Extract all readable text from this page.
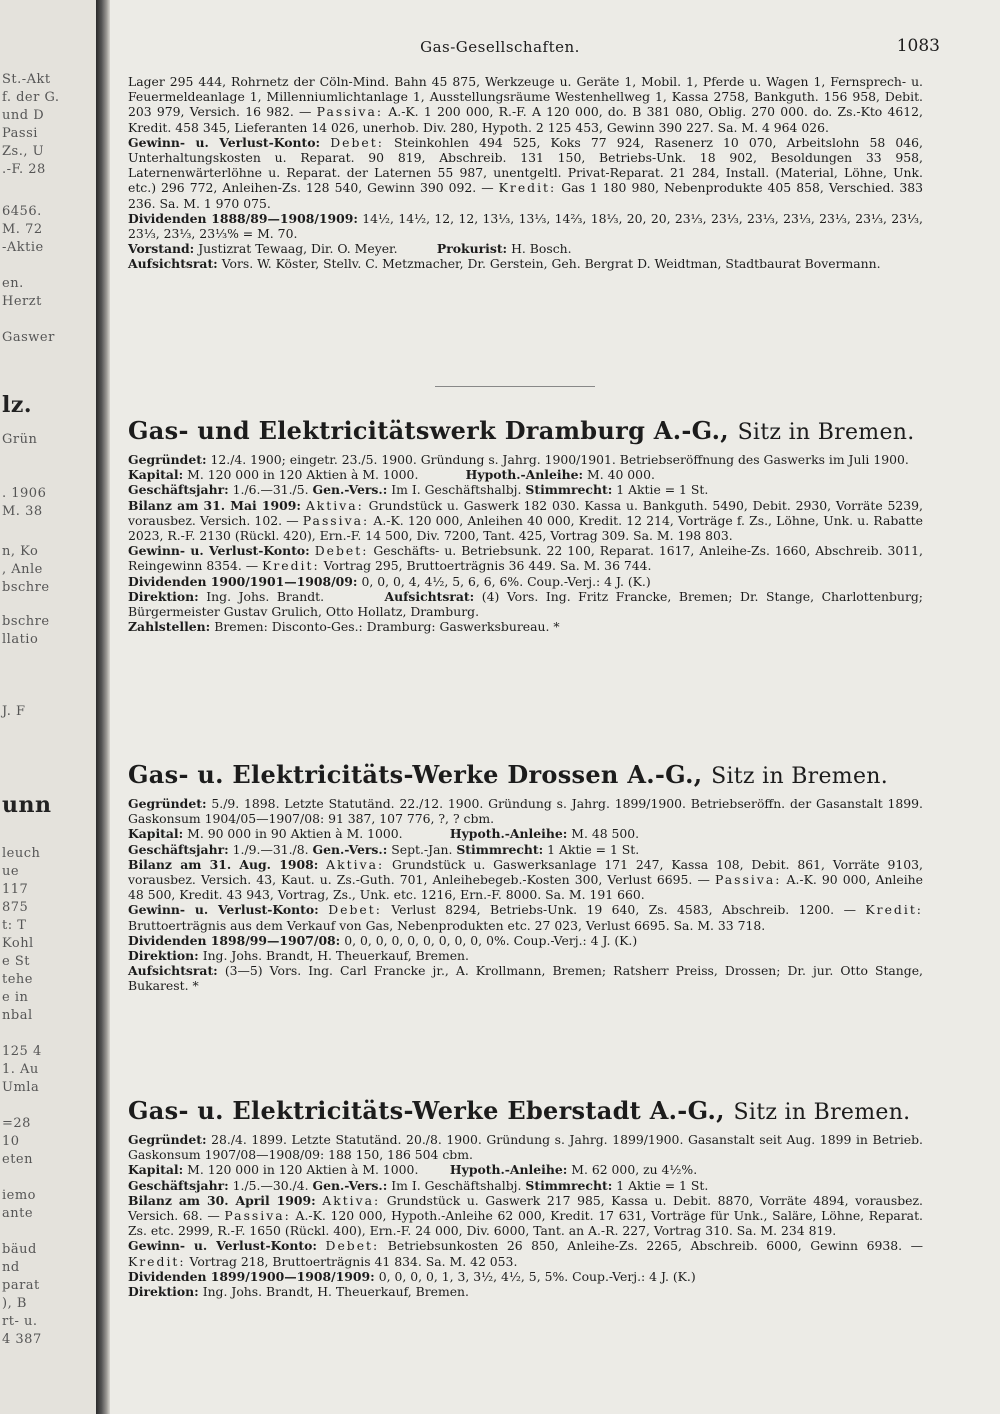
St.-Akt
f. der G.
und D
Passi
Zs., U
.-F. 28
6456.
M. 72
-Aktie
en.
Herzt
Gaswer
lz.
Grün
. 1906
M. 38
n, Ko
, Anle
bschre
bschre
llatio
J. F
unn
leuch
ue
117
875
t: T
Kohl
e St
tehe
e in
nbal
125 4
1. Au
Umla
=28
10
eten
iemo
ante
bäud
nd
parat
), B
rt- u.
4 387
Gas-Gesellschaften.	1083

Lager 295 444, Rohrnetz der Cöln-Mind. Bahn 45 875, Werkzeuge u. Geräte 1, Mobil. 1, Pferde u. Wagen 1, Fernsprech- u. Feuermeldeanlage 1, Millenniumlichtanlage 1, Ausstellungsräume Westenhellweg 1, Kassa 2758, Bankguth. 156 958, Debit. 203 979, Versich. 16 982. — Passiva: A.-K. 1 200 000, R.-F. A 120 000, do. B 381 080, Oblig. 270 000. do. Zs.-Kto 4612, Kredit. 458 345, Lieferanten 14 026, unerhob. Div. 280, Hypoth. 2 125 453, Gewinn 390 227. Sa. M. 4 964 026.

Gewinn- u. Verlust-Konto: Debet: Steinkohlen 494 525, Koks 77 924, Rasenerz 10 070, Arbeitslohn 58 046, Unterhaltungskosten u. Reparat. 90 819, Abschreib. 131 150, Betriebs-Unk. 18 902, Besoldungen 33 958, Laternenwärterlöhne u. Reparat. der Laternen 55 987, unentgeltl. Privat-Reparat. 21 284, Install. (Material, Löhne, Unk. etc.) 296 772, Anleihen-Zs. 128 540, Gewinn 390 092. — Kredit: Gas 1 180 980, Nebenprodukte 405 858, Verschied. 383 236. Sa. M. 1 970 075.

Dividenden 1888/89—1908/1909: 14½, 14½, 12, 12, 13⅓, 13⅓, 14⅔, 18⅓, 20, 20, 23⅓, 23⅓, 23⅓, 23⅓, 23⅓, 23⅓, 23⅓, 23⅓, 23⅓, 23⅓% = M. 70.

Vorstand: Justizrat Tewaag, Dir. O. Meyer.	Prokurist: H. Bosch.

Aufsichtsrat: Vors. W. Köster, Stellv. C. Metzmacher, Dr. Gerstein, Geh. Bergrat D. Weidtman, Stadtbaurat Bovermann.

Gas- und Elektricitätswerk Dramburg A.-G., Sitz in Bremen.

Gegründet: 12./4. 1900; eingetr. 23./5. 1900. Gründung s. Jahrg. 1900/1901. Betriebseröffnung des Gaswerks im Juli 1900.

Kapital: M. 120 000 in 120 Aktien à M. 1000.	Hypoth.-Anleihe: M. 40 000.

Geschäftsjahr: 1./6.—31./5. Gen.-Vers.: Im I. Geschäftshalbj. Stimmrecht: 1 Aktie = 1 St.

Bilanz am 31. Mai 1909: Aktiva: Grundstück u. Gaswerk 182 030. Kassa u. Bankguth. 5490, Debit. 2930, Vorräte 5239, vorausbez. Versich. 102. — Passiva: A.-K. 120 000, Anleihen 40 000, Kredit. 12 214, Vorträge f. Zs., Löhne, Unk. u. Rabatte 2023, R.-F. 2130 (Rückl. 420), Ern.-F. 14 500, Div. 7200, Tant. 425, Vortrag 309. Sa. M. 198 803.

Gewinn- u. Verlust-Konto: Debet: Geschäfts- u. Betriebsunk. 22 100, Reparat. 1617, Anleihe-Zs. 1660, Abschreib. 3011, Reingewinn 8354. — Kredit: Vortrag 295, Bruttoerträgnis 36 449. Sa. M. 36 744.

Dividenden 1900/1901—1908/09: 0, 0, 0, 4, 4½, 5, 6, 6, 6%. Coup.-Verj.: 4 J. (K.)

Direktion: Ing. Johs. Brandt.	Aufsichtsrat: (4) Vors. Ing. Fritz Francke, Bremen; Dr. Stange, Charlottenburg; Bürgermeister Gustav Grulich, Otto Hollatz, Dramburg.

Zahlstellen: Bremen: Disconto-Ges.: Dramburg: Gaswerksbureau. *

Gas- u. Elektricitäts-Werke Drossen A.-G., Sitz in Bremen.

Gegründet: 5./9. 1898. Letzte Statutänd. 22./12. 1900. Gründung s. Jahrg. 1899/1900. Betriebseröffn. der Gasanstalt 1899. Gaskonsum 1904/05—1907/08: 91 387, 107 776, ?, ? cbm.

Kapital: M. 90 000 in 90 Aktien à M. 1000.	Hypoth.-Anleihe: M. 48 500.

Geschäftsjahr: 1./9.—31./8. Gen.-Vers.: Sept.-Jan. Stimmrecht: 1 Aktie = 1 St.

Bilanz am 31. Aug. 1908: Aktiva: Grundstück u. Gaswerksanlage 171 247, Kassa 108, Debit. 861, Vorräte 9103, vorausbez. Versich. 43, Kaut. u. Zs.-Guth. 701, Anleihebegeb.-Kosten 300, Verlust 6695. — Passiva: A.-K. 90 000, Anleihe 48 500, Kredit. 43 943, Vortrag, Zs., Unk. etc. 1216, Ern.-F. 8000. Sa. M. 191 660.

Gewinn- u. Verlust-Konto: Debet: Verlust 8294, Betriebs-Unk. 19 640, Zs. 4583, Abschreib. 1200. — Kredit: Bruttoerträgnis aus dem Verkauf von Gas, Nebenprodukten etc. 27 023, Verlust 6695. Sa. M. 33 718.

Dividenden 1898/99—1907/08: 0, 0, 0, 0, 0, 0, 0, 0, 0, 0%. Coup.-Verj.: 4 J. (K.)

Direktion: Ing. Johs. Brandt, H. Theuerkauf, Bremen.

Aufsichtsrat: (3—5) Vors. Ing. Carl Francke jr., A. Krollmann, Bremen; Ratsherr Preiss, Drossen; Dr. jur. Otto Stange, Bukarest. *

Gas- u. Elektricitäts-Werke Eberstadt A.-G., Sitz in Bremen.

Gegründet: 28./4. 1899. Letzte Statutänd. 20./8. 1900. Gründung s. Jahrg. 1899/1900. Gasanstalt seit Aug. 1899 in Betrieb. Gaskonsum 1907/08—1908/09: 188 150, 186 504 cbm.

Kapital: M. 120 000 in 120 Aktien à M. 1000.	Hypoth.-Anleihe: M. 62 000, zu 4½%.

Geschäftsjahr: 1./5.—30./4. Gen.-Vers.: Im I. Geschäftshalbj. Stimmrecht: 1 Aktie = 1 St.

Bilanz am 30. April 1909: Aktiva: Grundstück u. Gaswerk 217 985, Kassa u. Debit. 8870, Vorräte 4894, vorausbez. Versich. 68. — Passiva: A.-K. 120 000, Hypoth.-Anleihe 62 000, Kredit. 17 631, Vorträge für Unk., Saläre, Löhne, Reparat. Zs. etc. 2999, R.-F. 1650 (Rückl. 400), Ern.-F. 24 000, Div. 6000, Tant. an A.-R. 227, Vortrag 310. Sa. M. 234 819.

Gewinn- u. Verlust-Konto: Debet: Betriebsunkosten 26 850, Anleihe-Zs. 2265, Abschreib. 6000, Gewinn 6938. — Kredit: Vortrag 218, Bruttoerträgnis 41 834. Sa. M. 42 053.

Dividenden 1899/1900—1908/1909: 0, 0, 0, 0, 1, 3, 3½, 4½, 5, 5%. Coup.-Verj.: 4 J. (K.)

Direktion: Ing. Johs. Brandt, H. Theuerkauf, Bremen.
